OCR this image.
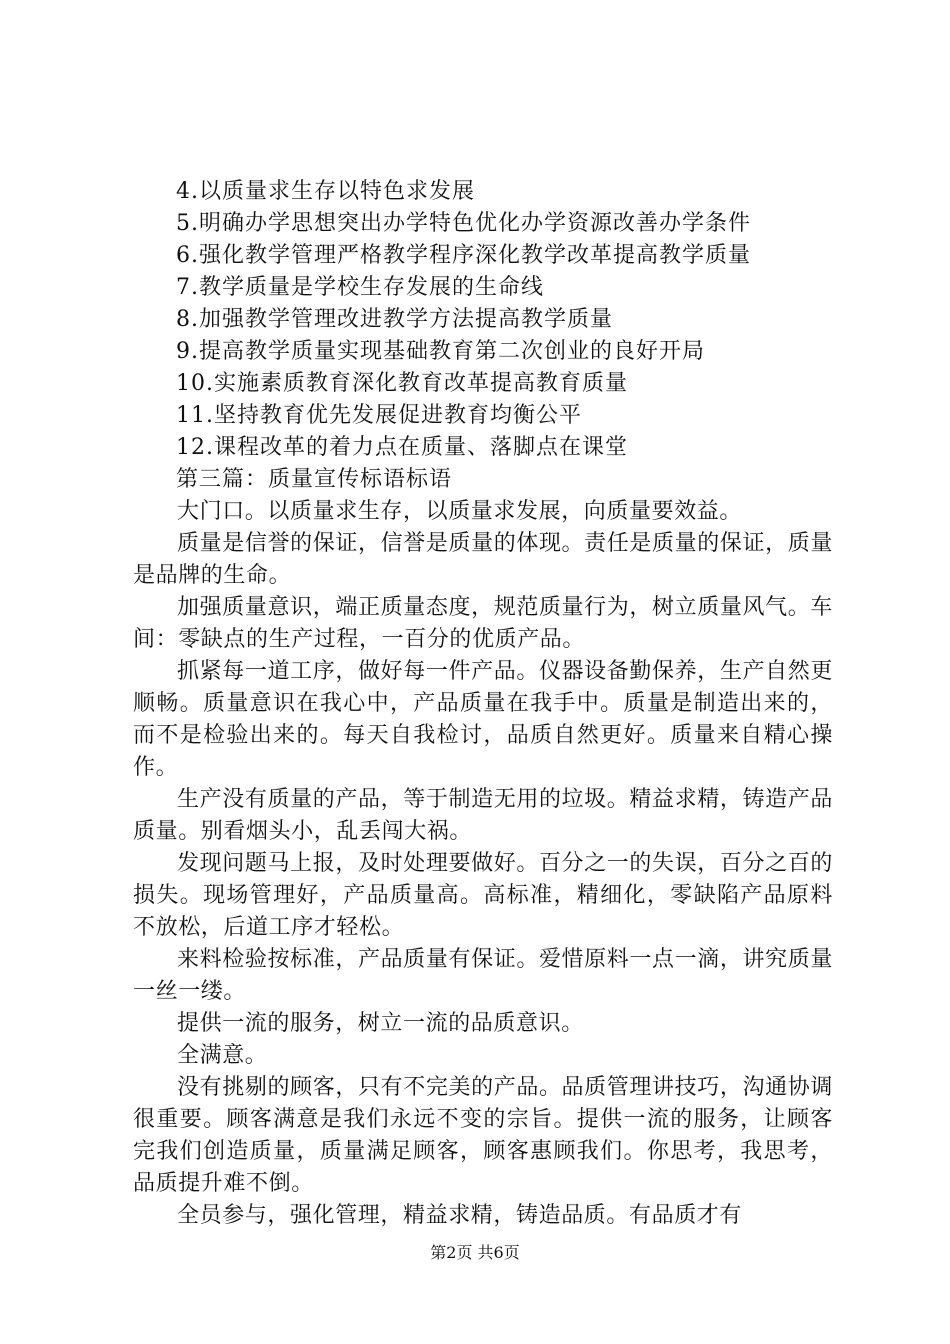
4.以质量求生存以特色求发展
5.明确办学思想突出办学特色优化办学资源改善办学条件
6.强化教学管理严格教学程序深化教学改革提高教学质量
7.教学质量是学校生存发展的生命线
8.加强教学管理改进教学方法提高教学质量
9.提高教学质量实现基础教育第二次创业的良好开局
10.实施素质教育深化教育改革提高教育质量
11.坚持教育优先发展促进教育均衡公平
12.课程改革的着力点在质量、落脚点在课堂
第三篇：质量宣传标语标语

大门口。以质量求生存，以质量求发展，向质量要效益。

质量是信誉的保证，信誉是质量的体现。责任是质量的保证，质量是品牌的生命。

加强质量意识，端正质量态度，规范质量行为，树立质量风气。车间：零缺点的生产过程，一百分的优质产品。

抓紧每一道工序，做好每一件产品。仪器设备勤保养，生产自然更顺畅。质量意识在我心中，产品质量在我手中。质量是制造出来的，而不是检验出来的。每天自我检讨，品质自然更好。质量来自精心操作。

生产没有质量的产品，等于制造无用的垃圾。精益求精，铸造产品质量。别看烟头小，乱丢闯大祸。

发现问题马上报，及时处理要做好。百分之一的失误，百分之百的损失。现场管理好，产品质量高。高标准，精细化，零缺陷产品原料不放松，后道工序才轻松。

来料检验按标准，产品质量有保证。爱惜原料一点一滴，讲究质量一丝一缕。

提供一流的服务，树立一流的品质意识。

全满意。

没有挑剔的顾客，只有不完美的产品。品质管理讲技巧，沟通协调很重要。顾客满意是我们永远不变的宗旨。提供一流的服务，让顾客完我们创造质量，质量满足顾客，顾客惠顾我们。你思考，我思考，品质提升难不倒。

全员参与，强化管理，精益求精，铸造品质。有品质才有

第2页 共6页
